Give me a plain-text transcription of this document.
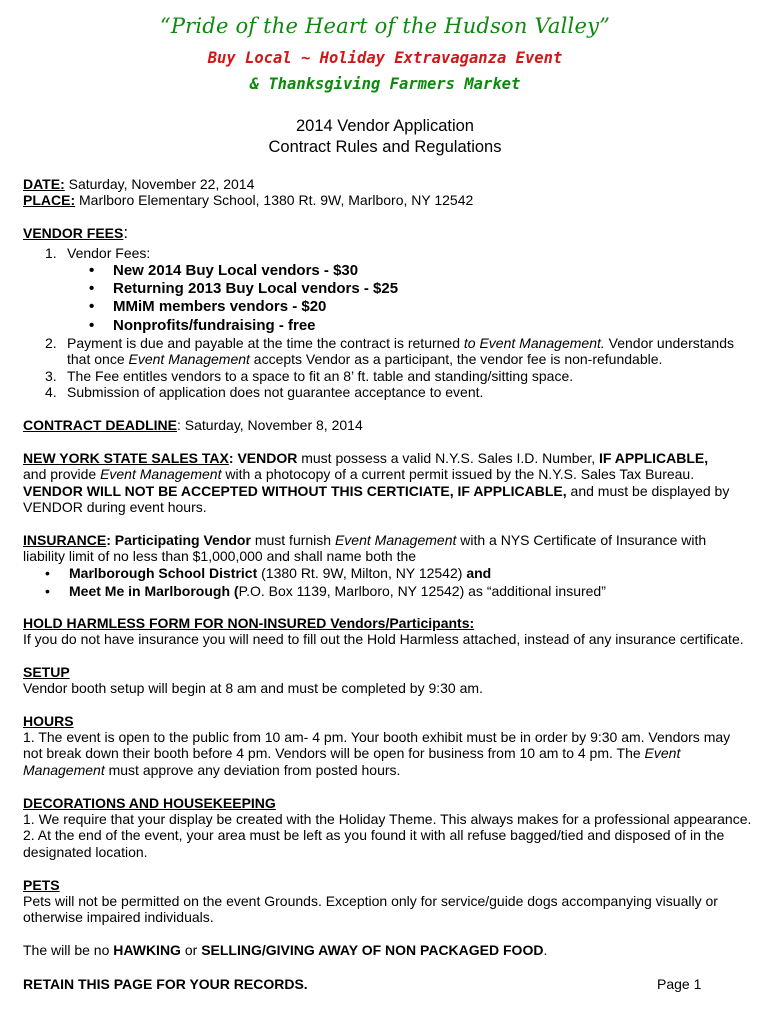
“Pride of the Heart of the Hudson Valley”
Buy Local ~ Holiday Extravaganza Event
& Thanksgiving Farmers Market
2014 Vendor Application
Contract Rules and Regulations
DATE: Saturday, November 22, 2014
PLACE: Marlboro Elementary School, 1380 Rt. 9W, Marlboro, NY 12542
VENDOR FEES:
1. Vendor Fees:
• New 2014 Buy Local vendors - $30
• Returning 2013 Buy Local vendors - $25
• MMiM members vendors - $20
• Nonprofits/fundraising - free
2. Payment is due and payable at the time the contract is returned to Event Management. Vendor understands
that once Event Management accepts Vendor as a participant, the vendor fee is non-refundable.
3. The Fee entitles vendors to a space to fit an 8’ ft. table and standing/sitting space.
4. Submission of application does not guarantee acceptance to event.
CONTRACT DEADLINE: Saturday, November 8, 2014
NEW YORK STATE SALES TAX: VENDOR must possess a valid N.Y.S. Sales I.D. Number, IF APPLICABLE,
and provide Event Management with a photocopy of a current permit issued by the N.Y.S. Sales Tax Bureau.
VENDOR WILL NOT BE ACCEPTED WITHOUT THIS CERTICIATE, IF APPLICABLE, and must be displayed by
VENDOR during event hours.
INSURANCE: Participating Vendor must furnish Event Management with a NYS Certificate of Insurance with
liability limit of no less than $1,000,000 and shall name both the
• Marlborough School District (1380 Rt. 9W, Milton, NY 12542) and
• Meet Me in Marlborough (P.O. Box 1139, Marlboro, NY 12542) as “additional insured”
HOLD HARMLESS FORM FOR NON-INSURED Vendors/Participants:
If you do not have insurance you will need to fill out the Hold Harmless attached, instead of any insurance certificate.
SETUP
Vendor booth setup will begin at 8 am and must be completed by 9:30 am.
HOURS
1. The event is open to the public from 10 am- 4 pm. Your booth exhibit must be in order by 9:30 am. Vendors may
not break down their booth before 4 pm. Vendors will be open for business from 10 am to 4 pm. The Event
Management must approve any deviation from posted hours.
DECORATIONS AND HOUSEKEEPING
1. We require that your display be created with the Holiday Theme. This always makes for a professional appearance.
2. At the end of the event, your area must be left as you found it with all refuse bagged/tied and disposed of in the
designated location.
PETS
Pets will not be permitted on the event Grounds. Exception only for service/guide dogs accompanying visually or
otherwise impaired individuals.
The will be no HAWKING or SELLING/GIVING AWAY OF NON PACKAGED FOOD.
RETAIN THIS PAGE FOR YOUR RECORDS.	Page 1
